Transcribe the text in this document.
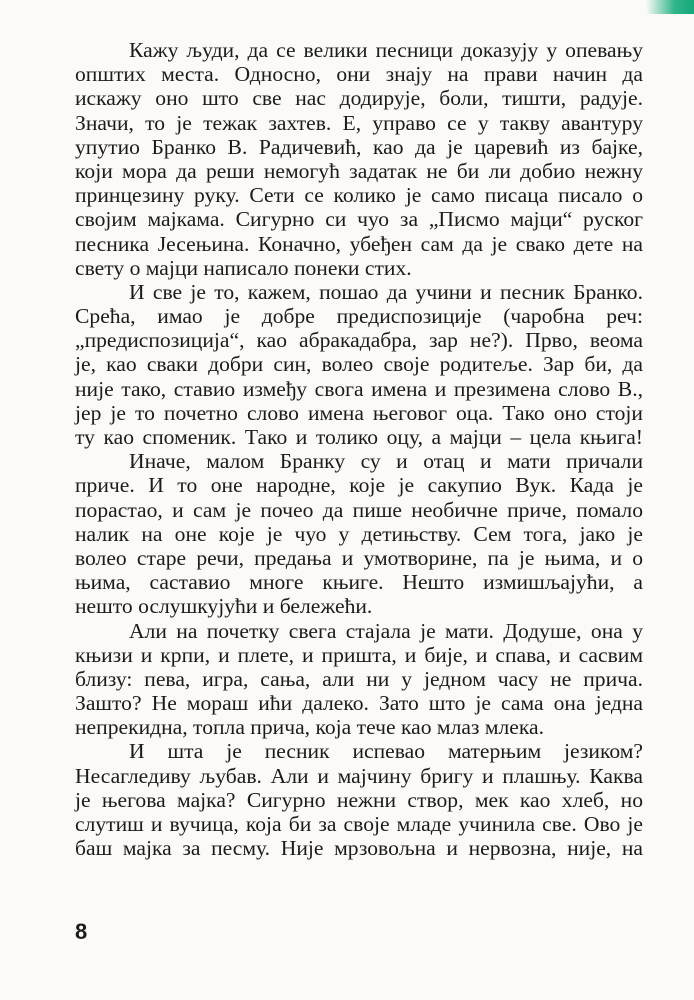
Кажу људи, да се велики песници доказују у опевању
општих места. Односно, они знају на прави начин да
искажу оно што све нас додирује, боли, тишти, радује.
Значи, то је тежак захтев. Е, управо се у такву авантуру
упутио Бранко В. Радичевић, као да је царевић из бајке,
који мора да реши немогућ задатак не би ли добио нежну
принцезину руку. Сети се колико је само писаца писало о
својим мајкама. Сигурно си чуо за „Писмо мајци“ руског
песника Јесењина. Коначно, убеђен сам да је свако дете на
свету о мајци написало понеки стих.
И све је то, кажем, пошао да учини и песник Бранко.
Срећа, имао је добре предиспозиције (чаробна реч:
„предиспозиција“, као абракадабра, зар не?). Прво, веома
је, као сваки добри син, волео своје родитеље. Зар би, да
није тако, ставио између свога имена и презимена слово В.,
јер је то почетно слово имена његовог оца. Тако оно стоји
ту као споменик. Тако и толико оцу, а мајци – цела књига!
Иначе, малом Бранку су и отац и мати причали
приче. И то оне народне, које је сакупио Вук. Када је
порастао, и сам је почео да пише необичне приче, помало
налик на оне које је чуо у детињству. Сем тога, јако је
волео старе речи, предања и умотворине, па је њима, и о
њима, саставио многе књиге. Нешто измишљајући, а
нешто ослушкујући и бележећи.
Али на почетку свега стајала је мати. Додуше, она у
књизи и крпи, и плете, и пришта, и бије, и спава, и сасвим
близу: пева, игра, сања, али ни у једном часу не прича.
Зашто? Не мораш ићи далеко. Зато што је сама она једна
непрекидна, топла прича, која тече као млаз млека.
И шта је песник испевао матерњим језиком?
Несагледиву љубав. Али и мајчину бригу и плашњу. Каква
је његова мајка? Сигурно нежни створ, мек као хлеб, но
слутиш и вучица, која би за своје младе учинила све. Ово је
баш мајка за песму. Није мрзовољна и нервозна, није, на
8
